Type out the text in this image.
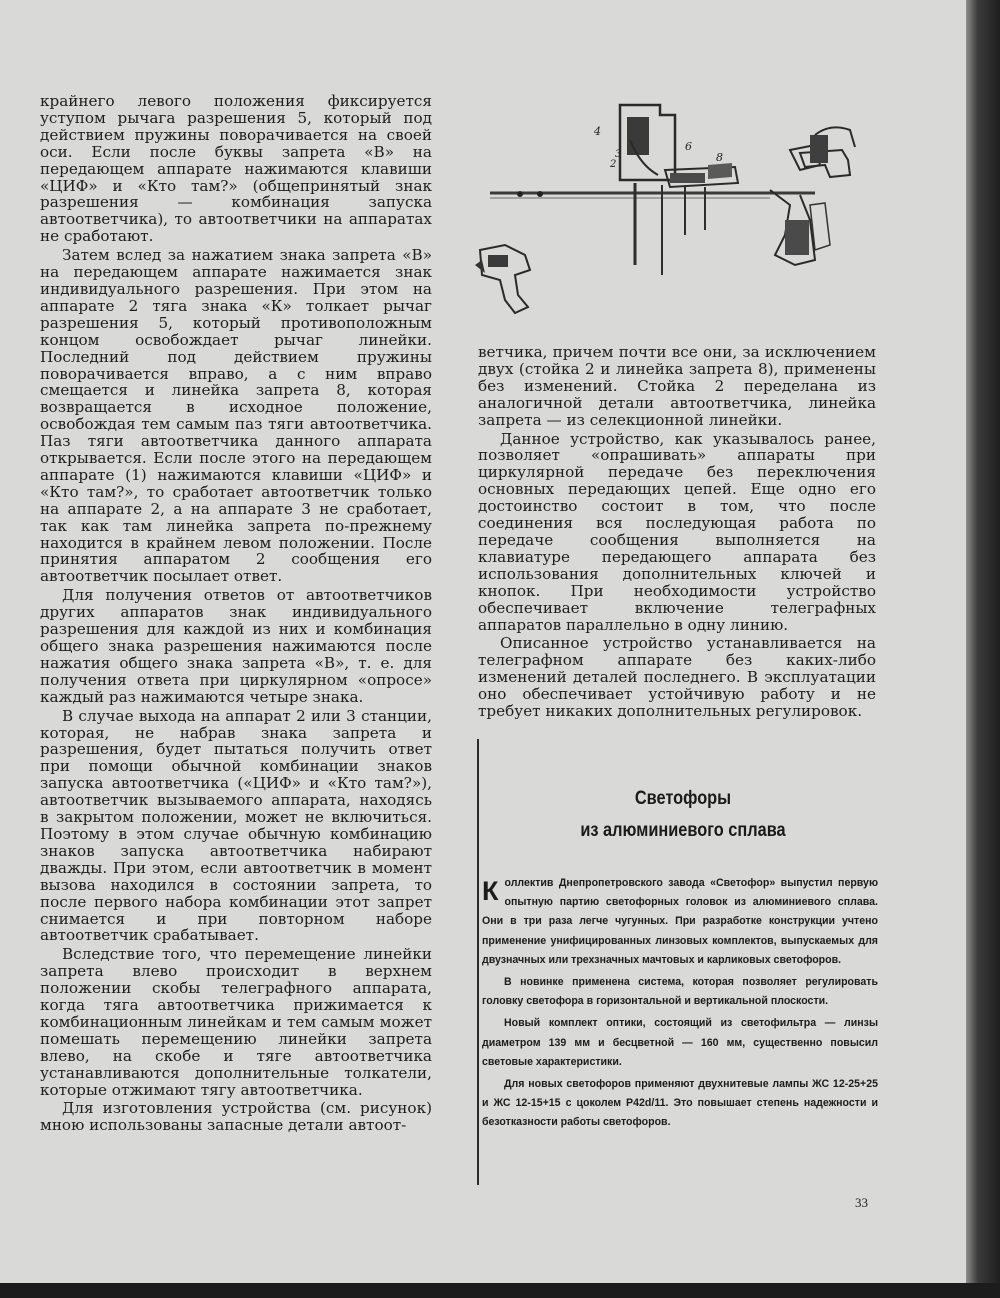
крайнего левого положения фиксируется уступом рычага разрешения 5, который под действием пружины поворачивается на своей оси. Если после буквы запрета «В» на передающем аппарате нажимаются клавиши «ЦИФ» и «Кто там?» (общепринятый знак разрешения — комбинация запуска автоответчика), то автоответчики на аппаратах не сработают.

Затем вслед за нажатием знака запрета «В» на передающем аппарате нажимается знак индивидуального разрешения. При этом на аппарате 2 тяга знака «К» толкает рычаг разрешения 5, который противоположным концом освобождает рычаг линейки. Последний под действием пружины поворачивается вправо, а с ним вправо смещается и линейка запрета 8, которая возвращается в исходное положение, освобождая тем самым паз тяги автоответчика. Паз тяги автоответчика данного аппарата открывается. Если после этого на передающем аппарате (1) нажимаются клавиши «ЦИФ» и «Кто там?», то сработает автоответчик только на аппарате 2, а на аппарате 3 не сработает, так как там линейка запрета по-прежнему находится в крайнем левом положении. После принятия аппаратом 2 сообщения его автоответчик посылает ответ.

Для получения ответов от автоответчиков других аппаратов знак индивидуального разрешения для каждой из них и комбинация общего знака разрешения нажимаются после нажатия общего знака запрета «В», т. е. для получения ответа при циркулярном «опросе» каждый раз нажимаются четыре знака.

В случае выхода на аппарат 2 или 3 станции, которая, не набрав знака запрета и разрешения, будет пытаться получить ответ при помощи обычной комбинации знаков запуска автоответчика («ЦИФ» и «Кто там?»), автоответчик вызываемого аппарата, находясь в закрытом положении, может не включиться. Поэтому в этом случае обычную комбинацию знаков запуска автоответчика набирают дважды. При этом, если автоответчик в момент вызова находился в состоянии запрета, то после первого набора комбинации этот запрет снимается и при повторном наборе автоответчик срабатывает.

Вследствие того, что перемещение линейки запрета влево происходит в верхнем положении скобы телеграфного аппарата, когда тяга автоответчика прижимается к комбинационным линейкам и тем самым может помешать перемещению линейки запрета влево, на скобе и тяге автоответчика устанавливаются дополнительные толкатели, которые отжимают тягу автоответчика.

Для изготовления устройства (см. рисунок) мною использованы запасные детали автоот-

4
6
8
3
2

ветчика, причем почти все они, за исключением двух (стойка 2 и линейка запрета 8), применены без изменений. Стойка 2 переделана из аналогичной детали автоответчика, линейка запрета — из селекционной линейки.

Данное устройство, как указывалось ранее, позволяет «опрашивать» аппараты при циркулярной передаче без переключения основных передающих цепей. Еще одно его достоинство состоит в том, что после соединения вся последующая работа по передаче сообщения выполняется на клавиатуре передающего аппарата без использования дополнительных ключей и кнопок. При необходимости устройство обеспечивает включение телеграфных аппаратов параллельно в одну линию.

Описанное устройство устанавливается на телеграфном аппарате без каких-либо изменений деталей последнего. В эксплуатации оно обеспечивает устойчивую работу и не требует никаких дополнительных регулировок.

Светофоры
из алюминиевого сплава

Коллектив Днепропетровского завода «Светофор» выпустил первую опытную партию светофорных головок из алюминиевого сплава. Они в три раза легче чугунных. При разработке конструкции учтено применение унифицированных линзовых комплектов, выпускаемых для двузначных или трехзначных мачтовых и карликовых светофоров.

В новинке применена система, которая позволяет регулировать головку светофора в горизонтальной и вертикальной плоскости.

Новый комплект оптики, состоящий из светофильтра — линзы диаметром 139 мм и бесцветной — 160 мм, существенно повысил световые характеристики.

Для новых светофоров применяют двухнитевые лампы ЖС 12-25+25 и ЖС 12-15+15 с цоколем Р42d/11. Это повышает степень надежности и безотказности работы светофоров.

33
